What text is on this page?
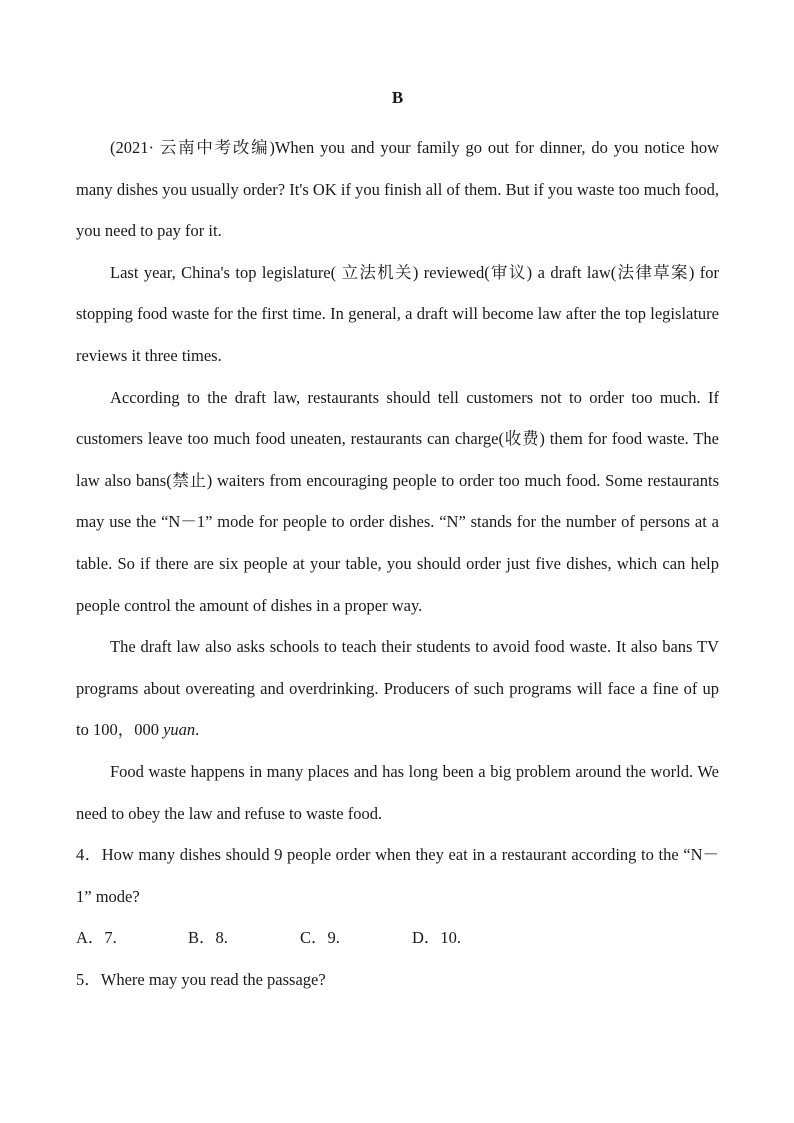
B

(2021· 云南中考改编)When you and your family go out for dinner, do you notice how many dishes you usually order? It's OK if you finish all of them. But if you waste too much food, you need to pay for it.

Last year, China's top legislature( 立法机关) reviewed(审议) a draft law(法律草案) for stopping food waste for the first time. In general, a draft will become law after the top legislature reviews it three times.

According to the draft law, restaurants should tell customers not to order too much. If customers leave too much food uneaten, restaurants can charge(收费) them for food waste. The law also bans(禁止) waiters from encouraging people to order too much food. Some restaurants may use the “N－1” mode for people to order dishes. “N” stands for the number of persons at a table. So if there are six people at your table, you should order just five dishes, which can help people control the amount of dishes in a proper way.

The draft law also asks schools to teach their students to avoid food waste. It also bans TV programs about overeating and overdrinking. Producers of such programs will face a fine of up to 100，000 yuan.

Food waste happens in many places and has long been a big problem around the world. We need to obey the law and refuse to waste food.

4．How many dishes should 9 people order when they eat in a restaurant according to the “N－1” mode?

A．7.	B．8.	C．9.	D．10.

5．Where may you read the passage?
